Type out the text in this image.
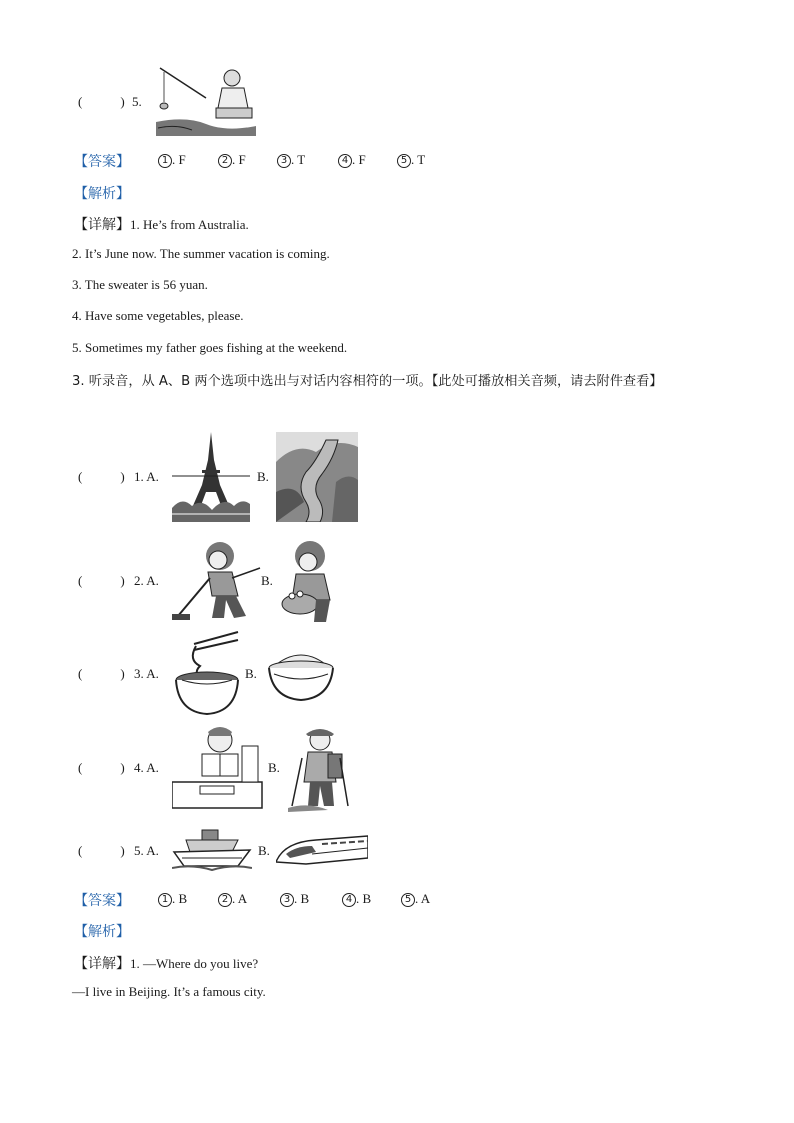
(	) 5.
【答案】	1 . F	2 . F	3 . T	4 . F	5 . T
【解析】
【详解】1. He’s from Australia.
2. It’s June now. The summer vacation is coming.
3. The sweater is 56 yuan.
4. Have some vegetables, please.
5. Sometimes my father goes fishing at the weekend.
3. 听录音，从 A、B 两个选项中选出与对话内容相符的一项。【此处可播放相关音频，请去附件查看】
(	) 1. A.	B.
(	) 2. A.	B.
(	) 3. A.	B.
(	) 4. A.	B.
(	) 5. A.	B.
【答案】	1 . B	2 . A	3 . B	4 . B	5 . A
【解析】
【详解】1. —Where do you live?
—I live in Beijing. It’s a famous city.
